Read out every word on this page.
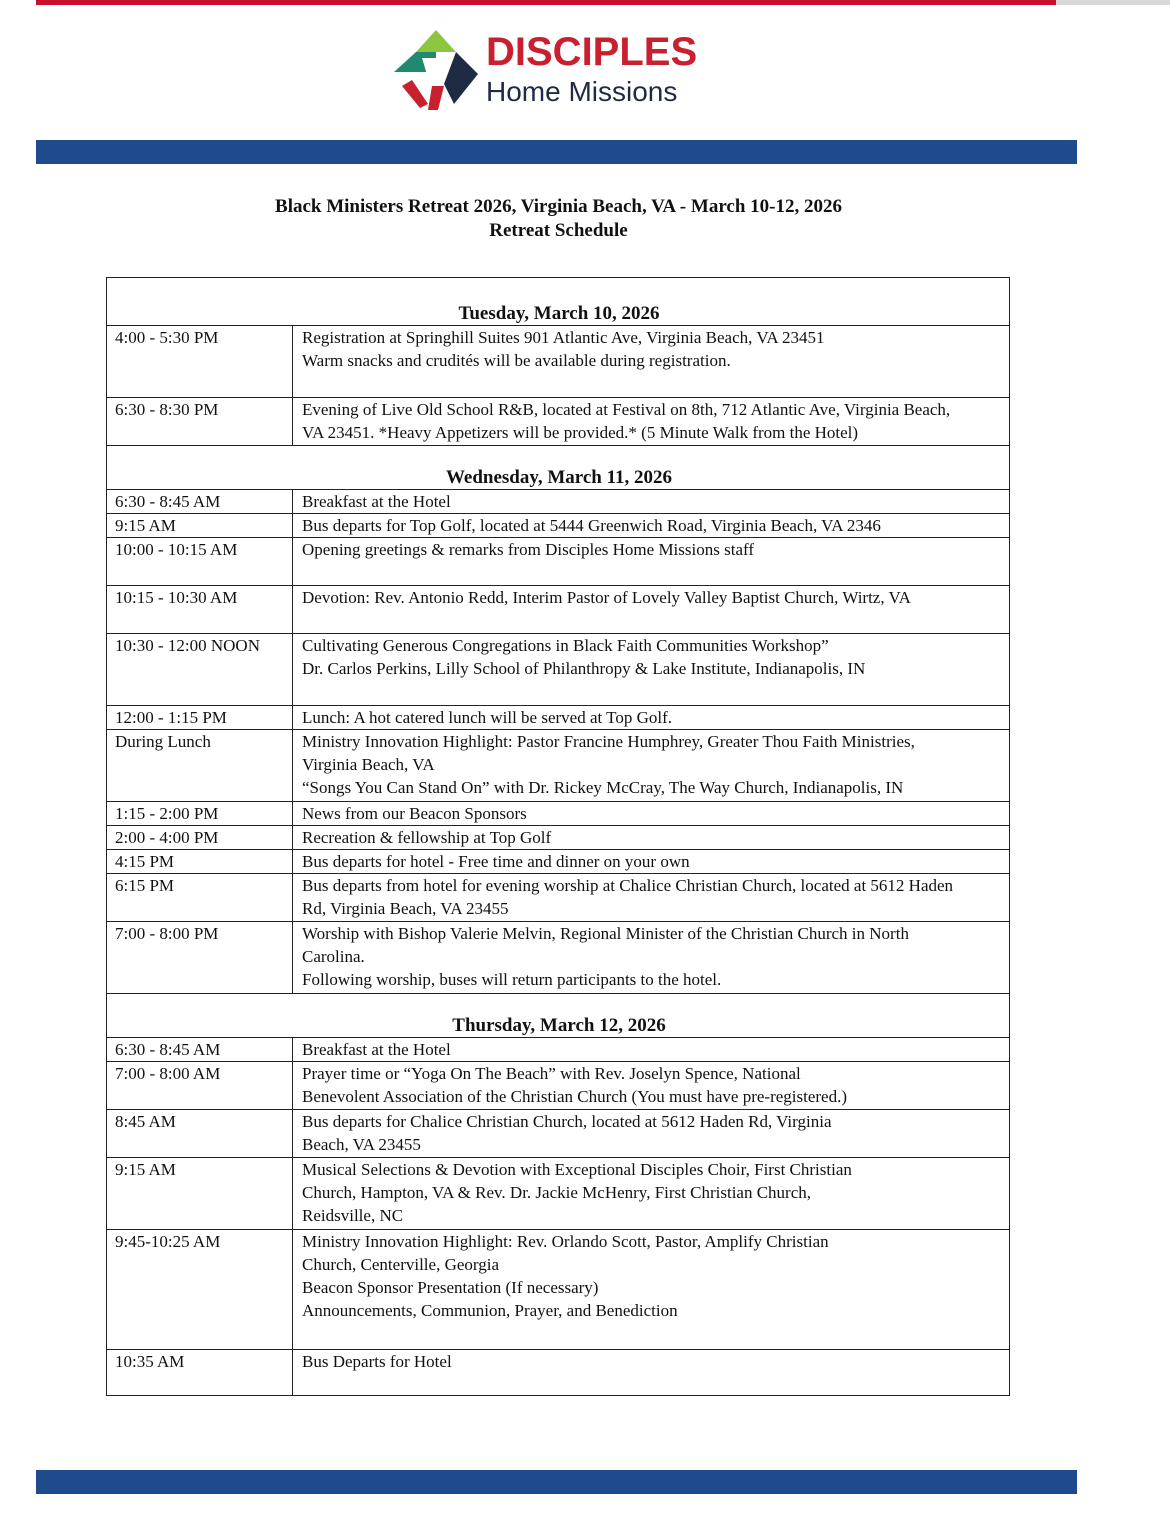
DISCIPLES
Home Missions
Black Ministers Retreat 2026, Virginia Beach, VA - March 10-12, 2026
Retreat Schedule
Tuesday, March 10, 2026	
4:00 - 5:30 PM	Registration at Springhill Suites 901 Atlantic Ave, Virginia Beach, VA 23451
Warm snacks and crudités will be available during registration.

6:30 - 8:30 PM	Evening of Live Old School R&B, located at Festival on 8th, 712 Atlantic Ave, Virginia Beach,
VA 23451. *Heavy Appetizers will be provided.* (5 Minute Walk from the Hotel)

Wednesday, March 11, 2026	
6:30 - 8:45 AM	Breakfast at the Hotel

9:15 AM	Bus departs for Top Golf, located at 5444 Greenwich Road, Virginia Beach, VA 2346

10:00 - 10:15 AM	Opening greetings & remarks from Disciples Home Missions staff

10:15 - 10:30 AM	Devotion: Rev. Antonio Redd, Interim Pastor of Lovely Valley Baptist Church, Wirtz, VA

10:30 - 12:00 NOON	Cultivating Generous Congregations in Black Faith Communities Workshop”
Dr. Carlos Perkins, Lilly School of Philanthropy & Lake Institute, Indianapolis, IN

12:00 - 1:15 PM	Lunch: A hot catered lunch will be served at Top Golf.

During Lunch	Ministry Innovation Highlight: Pastor Francine Humphrey, Greater Thou Faith Ministries,
Virginia Beach, VA
“Songs You Can Stand On” with Dr. Rickey McCray, The Way Church, Indianapolis, IN

1:15 - 2:00 PM	News from our Beacon Sponsors

2:00 - 4:00 PM	Recreation & fellowship at Top Golf

4:15 PM	Bus departs for hotel - Free time and dinner on your own

6:15 PM	Bus departs from hotel for evening worship at Chalice Christian Church, located at 5612 Haden
Rd, Virginia Beach, VA 23455

7:00 - 8:00 PM	Worship with Bishop Valerie Melvin, Regional Minister of the Christian Church in North
Carolina.
Following worship, buses will return participants to the hotel.

Thursday, March 12, 2026	
6:30 - 8:45 AM	Breakfast at the Hotel

7:00 - 8:00 AM	Prayer time or “Yoga On The Beach” with Rev. Joselyn Spence, National
Benevolent Association of the Christian Church (You must have pre-registered.)

8:45 AM	Bus departs for Chalice Christian Church, located at 5612 Haden Rd, Virginia
Beach, VA 23455

9:15 AM	Musical Selections & Devotion with Exceptional Disciples Choir, First Christian
Church, Hampton, VA & Rev. Dr. Jackie McHenry, First Christian Church,
Reidsville, NC

9:45-10:25 AM	Ministry Innovation Highlight: Rev. Orlando Scott, Pastor, Amplify Christian
Church, Centerville, Georgia
Beacon Sponsor Presentation (If necessary)
Announcements, Communion, Prayer, and Benediction

10:35 AM	Bus Departs for Hotel
